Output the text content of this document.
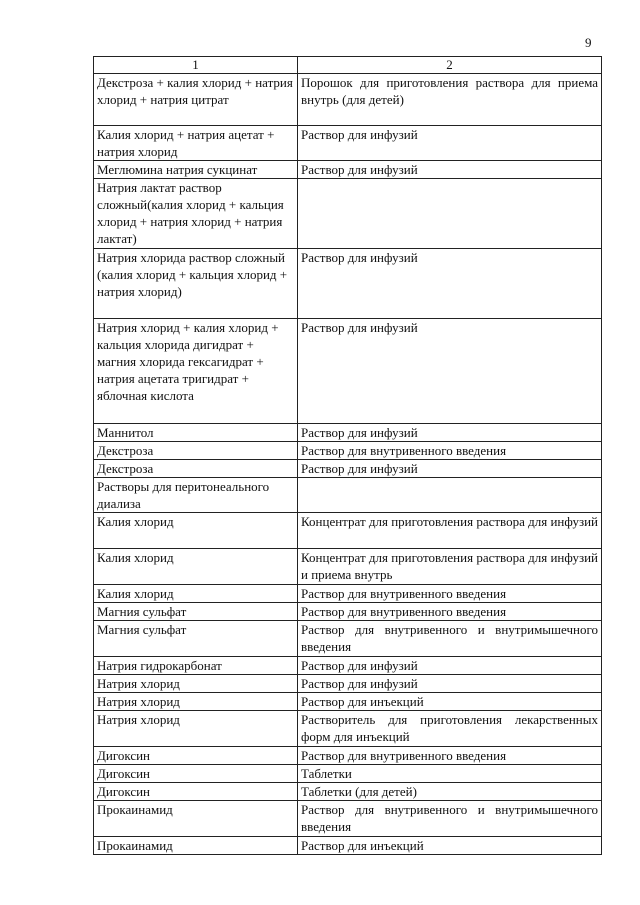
9
1	2
Декстроза + калия хлорид + натрия хлорид + натрия цитрат	Порошок для приготовления раствора для приема внутрь (для детей)
Калия хлорид + натрия ацетат + натрия хлорид	Раствор для инфузий
Меглюмина натрия сукцинат	Раствор для инфузий
Натрия лактат раствор сложный(калия хлорид + кальция хлорид + натрия хлорид + натрия лактат)	
Натрия хлорида раствор сложный (калия хлорид + кальция хлорид + натрия хлорид)	Раствор для инфузий
Натрия хлорид + калия хлорид + кальция хлорида дигидрат + магния хлорида гексагидрат + натрия ацетата тригидрат + яблочная кислота	Раствор для инфузий
Маннитол	Раствор для инфузий
Декстроза	Раствор для внутривенного введения
Декстроза	Раствор для инфузий
Растворы для перитонеального диализа	
Калия хлорид	Концентрат для приготовления раствора для инфузий
Калия хлорид	Концентрат для приготовления раствора для инфузий и приема внутрь
Калия хлорид	Раствор для внутривенного введения
Магния сульфат	Раствор для внутривенного введения
Магния сульфат	Раствор для внутривенного и внутримышечного введения
Натрия гидрокарбонат	Раствор для инфузий
Натрия хлорид	Раствор для инфузий
Натрия хлорид	Раствор для инъекций
Натрия хлорид	Растворитель для приготовления лекарственных форм для инъекций
Дигоксин	Раствор для внутривенного введения
Дигоксин	Таблетки
Дигоксин	Таблетки (для детей)
Прокаинамид	Раствор для внутривенного и внутримышечного введения
Прокаинамид	Раствор для инъекций
